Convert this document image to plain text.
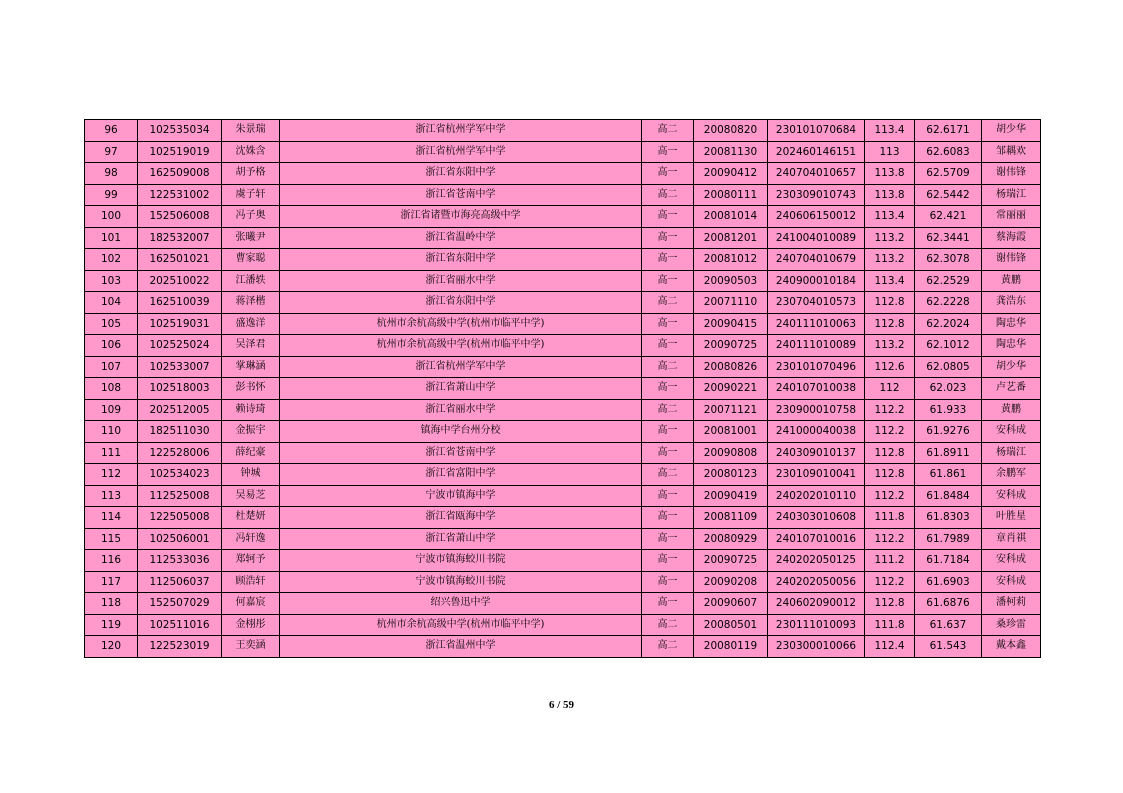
96	102535034	朱景瑞	浙江省杭州学军中学	高二	20080820	230101070684	113.4	62.6171	胡少华
97	102519019	沈姝含	浙江省杭州学军中学	高一	20081130	202460146151	113	62.6083	邹耦欢
98	162509008	胡予格	浙江省东阳中学	高一	20090412	240704010657	113.8	62.5709	谢伟锋
99	122531002	虞子轩	浙江省苍南中学	高二	20080111	230309010743	113.8	62.5442	杨瑞江
100	152506008	冯子奥	浙江省诸暨市海亮高级中学	高一	20081014	240606150012	113.4	62.421	常丽丽
101	182532007	张曦尹	浙江省温岭中学	高一	20081201	241004010089	113.2	62.3441	蔡海霞
102	162501021	曹家聪	浙江省东阳中学	高一	20081012	240704010679	113.2	62.3078	谢伟锋
103	202510022	江潘轶	浙江省丽水中学	高一	20090503	240900010184	113.4	62.2529	黄鹏
104	162510039	蒋泽楷	浙江省东阳中学	高二	20071110	230704010573	112.8	62.2228	龚浩东
105	102519031	盛逸洋	杭州市余杭高级中学(杭州市临平中学)	高一	20090415	240111010063	112.8	62.2024	陶忠华
106	102525024	吴泽君	杭州市余杭高级中学(杭州市临平中学)	高一	20090725	240111010089	113.2	62.1012	陶忠华
107	102533007	掌琳涵	浙江省杭州学军中学	高二	20080826	230101070496	112.6	62.0805	胡少华
108	102518003	彭书怀	浙江省萧山中学	高一	20090221	240107010038	112	62.023	卢艺番
109	202512005	赖诗琦	浙江省丽水中学	高二	20071121	230900010758	112.2	61.933	黄鹏
110	182511030	金振宇	镇海中学台州分校	高一	20081001	241000040038	112.2	61.9276	安科成
111	122528006	薛纪豪	浙江省苍南中学	高一	20090808	240309010137	112.8	61.8911	杨瑞江
112	102534023	钟城	浙江省富阳中学	高二	20080123	230109010041	112.8	61.861	余鹏军
113	112525008	吴易芝	宁波市镇海中学	高一	20090419	240202010110	112.2	61.8484	安科成
114	122505008	杜楚妍	浙江省瓯海中学	高一	20081109	240303010608	111.8	61.8303	叶胜星
115	102506001	冯轩逸	浙江省萧山中学	高一	20080929	240107010016	112.2	61.7989	章肖祺
116	112533036	郑轲予	宁波市镇海蛟川书院	高一	20090725	240202050125	111.2	61.7184	安科成
117	112506037	顾浩轩	宁波市镇海蛟川书院	高一	20090208	240202050056	112.2	61.6903	安科成
118	152507029	何嘉宸	绍兴鲁迅中学	高一	20090607	240602090012	112.8	61.6876	潘柯莉
119	102511016	金栩彤	杭州市余杭高级中学(杭州市临平中学)	高二	20080501	230111010093	111.8	61.637	桑珍雷
120	122523019	王奕涵	浙江省温州中学	高二	20080119	230300010066	112.4	61.543	戴本鑫
6 / 59
